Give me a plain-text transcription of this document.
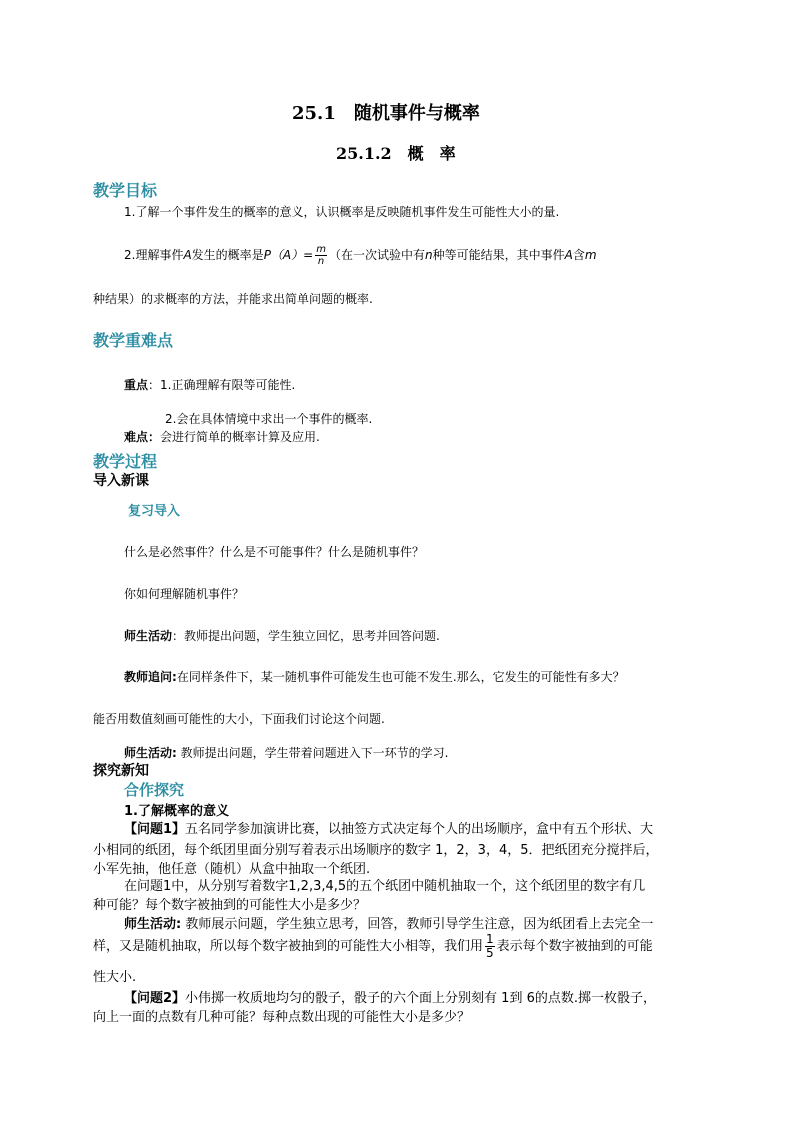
25.1　随机事件与概率
25.1.2　概　率
教学目标
1.了解一个事件发生的概率的意义，认识概率是反映随机事件发生可能性大小的量.
2.理解事件A发生的概率是$P(A)= \frac{m}{n}$ （在一次试验中有n种等可能结果，其中事件A含m
种结果）的求概率的方法，并能求出简单问题的概率.
教学重难点
重点：1.正确理解有限等可能性.
2.会在具体情境中求出一个事件的概率.
难点：会进行简单的概率计算及应用.
教学过程
导入新课
复习导入
什么是必然事件？什么是不可能事件？什么是随机事件？
你如何理解随机事件？
师生活动：教师提出问题，学生独立回忆，思考并回答问题.
教师追问:在同样条件下，某一随机事件可能发生也可能不发生.那么，它发生的可能性有多大？
能否用数值刻画可能性的大小，下面我们讨论这个问题.
师生活动: 教师提出问题，学生带着问题进入下一环节的学习.
探究新知
合作探究
1.了解概率的意义
【问题1】五名同学参加演讲比赛，以抽签方式决定每个人的出场顺序，盒中有五个形状、大
小相同的纸团，每个纸团里面分别写着表示出场顺序的数字 1，2，3，4，5．把纸团充分搅拌后，
小军先抽，他任意（随机）从盒中抽取一个纸团.
在问题1中，从分别写着数字1,2,3,4,5的五个纸团中随机抽取一个，这个纸团里的数字有几
种可能？每个数字被抽到的可能性大小是多少？
师生活动: 教师展示问题，学生独立思考，回答，教师引导学生注意，因为纸团看上去完全一
样，又是随机抽取，所以每个数字被抽到的可能性大小相等，我们用 $\frac{1}{5}$ 表示每个数字被抽到的可能
性大小.
【问题2】小伟掷一枚质地均匀的骰子，骰子的六个面上分别刻有 1到 6的点数.掷一枚骰子，
向上一面的点数有几种可能？每种点数出现的可能性大小是多少？
